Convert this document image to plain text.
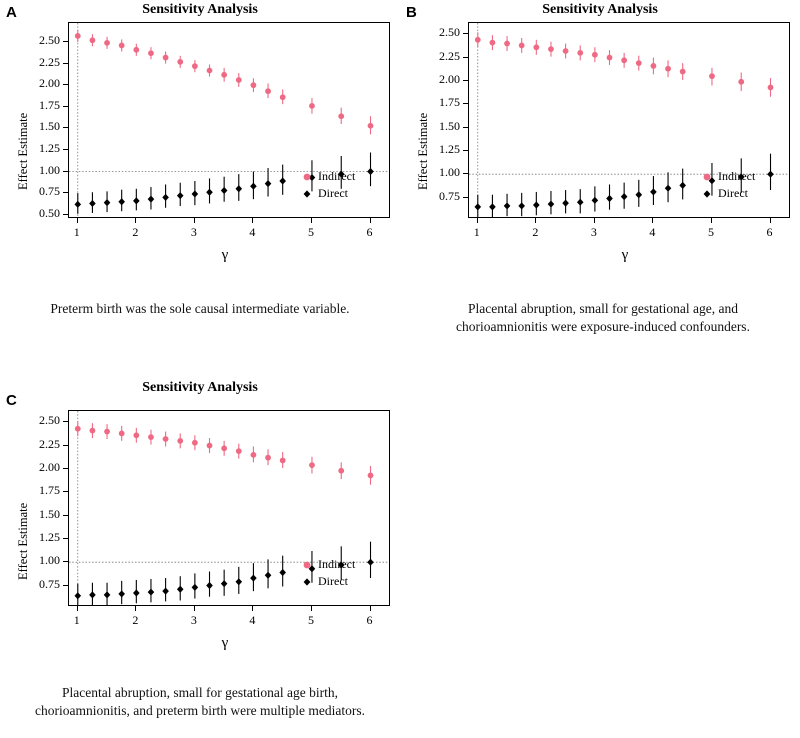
A	Sensitivity Analysis
Effect Estimate
γ
Indirect
Direct
Preterm birth was the sole causal intermediate variable.
0.50
0.75
1.00
1.25
1.50
1.75
2.00
2.25
2.50
1	2	3	4	5	6
B	Sensitivity Analysis
Effect Estimate
γ
Indirect
Direct
Placental abruption, small for gestational age, and chorioamnionitis were exposure-induced confounders.
0.75
1.00
1.25
1.50
1.75
2.00
2.25
2.50
1	2	3	4	5	6
C
Sensitivity Analysis
Effect Estimate
γ
Indirect
Direct
Placental abruption, small for gestational age birth, chorioamnionitis, and preterm birth were multiple mediators.
0.75
1.00
1.25
1.50
1.75
2.00
2.25
2.50
1	2	3	4	5	6
